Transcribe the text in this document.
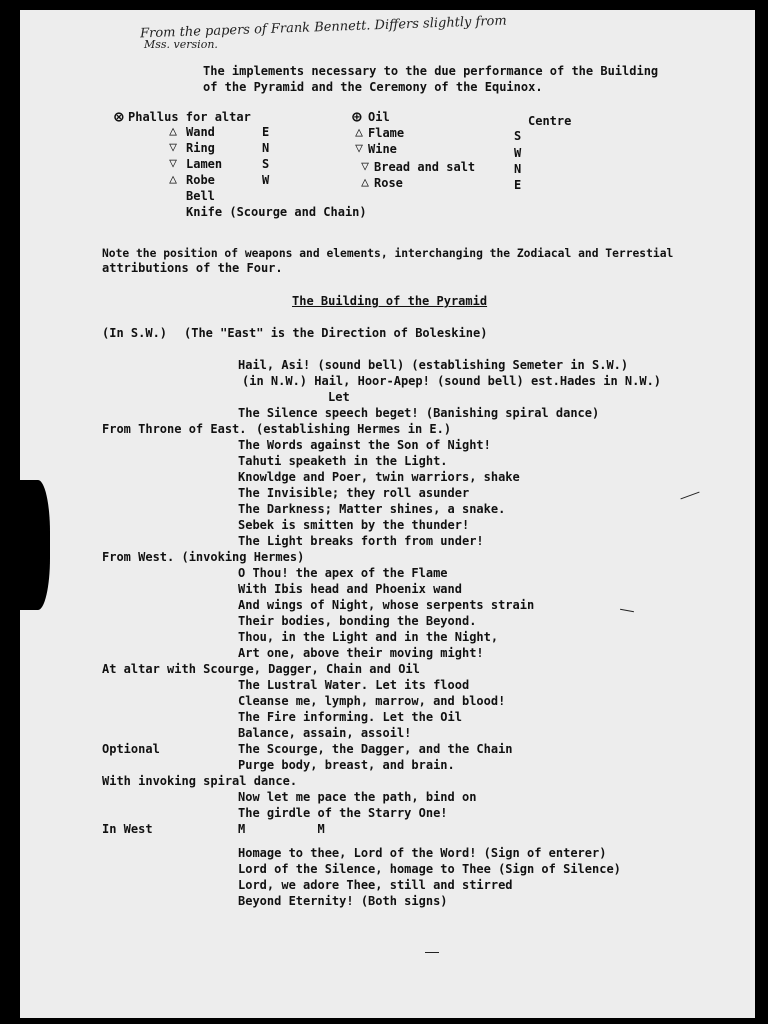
From the papers of Frank Bennett. Differs slightly from
Mss. version.
The implements necessary to the due performance of the Building
of the Pyramid and the Ceremony of the Equinox.
⊗ Phallus for altar
△ Wand	E
▽ Ring	N
▽ Lamen	S
△ Robe	W
Bell
Knife (Scourge and Chain)
⊕ Oil	Centre
△ Flame	S
▽ Wine	W
▽ Bread and salt	N
△ Rose	E
Note the position of weapons and elements, interchanging the Zodiacal and Terrestial
attributions of the Four.
The Building of the Pyramid
(In S.W.) (The "East" is the Direction of Boleskine)
Hail, Asi! (sound bell) (establishing Semeter in S.W.)
(in N.W.) Hail, Hoor-Apep! (sound bell) est.Hades in N.W.)
Let
The Silence speech beget! (Banishing spiral dance)
From Throne of East. (establishing Hermes in E.)
The Words against the Son of Night!
Tahuti speaketh in the Light.
Knowldge and Poer, twin warriors, shake
The Invisible; they roll asunder
The Darkness; Matter shines, a snake.
Sebek is smitten by the thunder!
The Light breaks forth from under!
From West. (invoking Hermes)
O Thou! the apex of the Flame
With Ibis head and Phoenix wand
And wings of Night, whose serpents strain
Their bodies, bonding the Beyond.
Thou, in the Light and in the Night,
Art one, above their moving might!
At altar with Scourge, Dagger, Chain and Oil
The Lustral Water. Let its flood
Cleanse me, lymph, marrow, and blood!
The Fire informing. Let the Oil
Balance, assain, assoil!
Optional	The Scourge, the Dagger, and the Chain
Purge body, breast, and brain.
With invoking spiral dance.
Now let me pace the path, bind on
The girdle of the Starry One!
In West	M          M
Homage to thee, Lord of the Word! (Sign of enterer)
Lord of the Silence, homage to Thee (Sign of Silence)
Lord, we adore Thee, still and stirred
Beyond Eternity! (Both signs)
